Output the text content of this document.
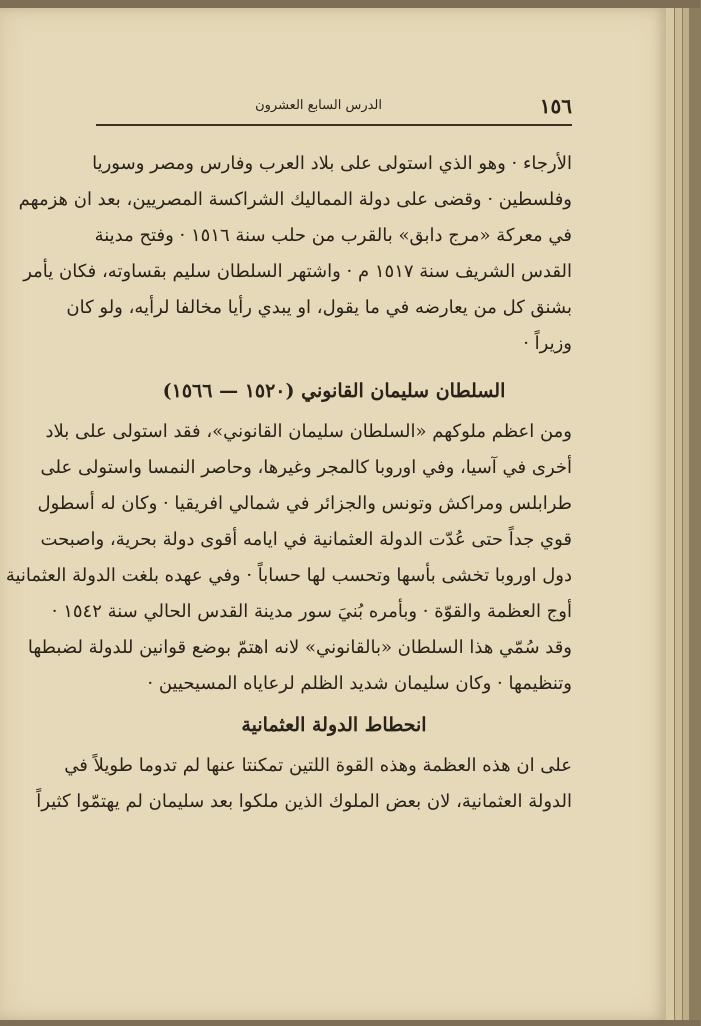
١٥٦
الدرس السابع العشرون
الأرجاء · وهو الذي استولى على بلاد العرب وفارس ومصر وسوريا
وفلسطين · وقضى على دولة المماليك الشراكسة المصريين، بعد ان هزمهم
في معركة «مرج دابق» بالقرب من حلب سنة ١٥١٦ · وفتح مدينة
القدس الشريف سنة ١٥١٧ م · واشتهر السلطان سليم بقساوته، فكان يأمر
بشنق كل من يعارضه في ما يقول، او يبدي رأيا مخالفا لرأيه، ولو كان
وزيراً ·
السلطان سليمان القانوني (١٥٢٠ — ١٥٦٦)
ومن اعظم ملوكهم «السلطان سليمان القانوني»، فقد استولى على بلاد
أخرى في آسيا، وفي اوروبا كالمجر وغيرها، وحاصر النمسا واستولى على
طرابلس ومراكش وتونس والجزائر في شمالي افريقيا · وكان له أسطول
قوي جداً حتى عُدّت الدولة العثمانية في ايامه أقوى دولة بحرية، واصبحت
دول اوروبا تخشى بأسها وتحسب لها حساباً · وفي عهده بلغت الدولة العثمانية
أوج العظمة والقوّة · وبأمره بُنيَ سور مدينة القدس الحالي سنة ١٥٤٢ ·
وقد سُمّي هذا السلطان «بالقانوني» لانه اهتمّ بوضع قوانين للدولة لضبطها
وتنظيمها · وكان سليمان شديد الظلم لرعاياه المسيحيين ·
انحطاط الدولة العثمانية
على ان هذه العظمة وهذه القوة اللتين تمكنتا عنها لم تدوما طويلاً في
الدولة العثمانية، لان بعض الملوك الذين ملكوا بعد سليمان لم يهتمّوا كثيراً
